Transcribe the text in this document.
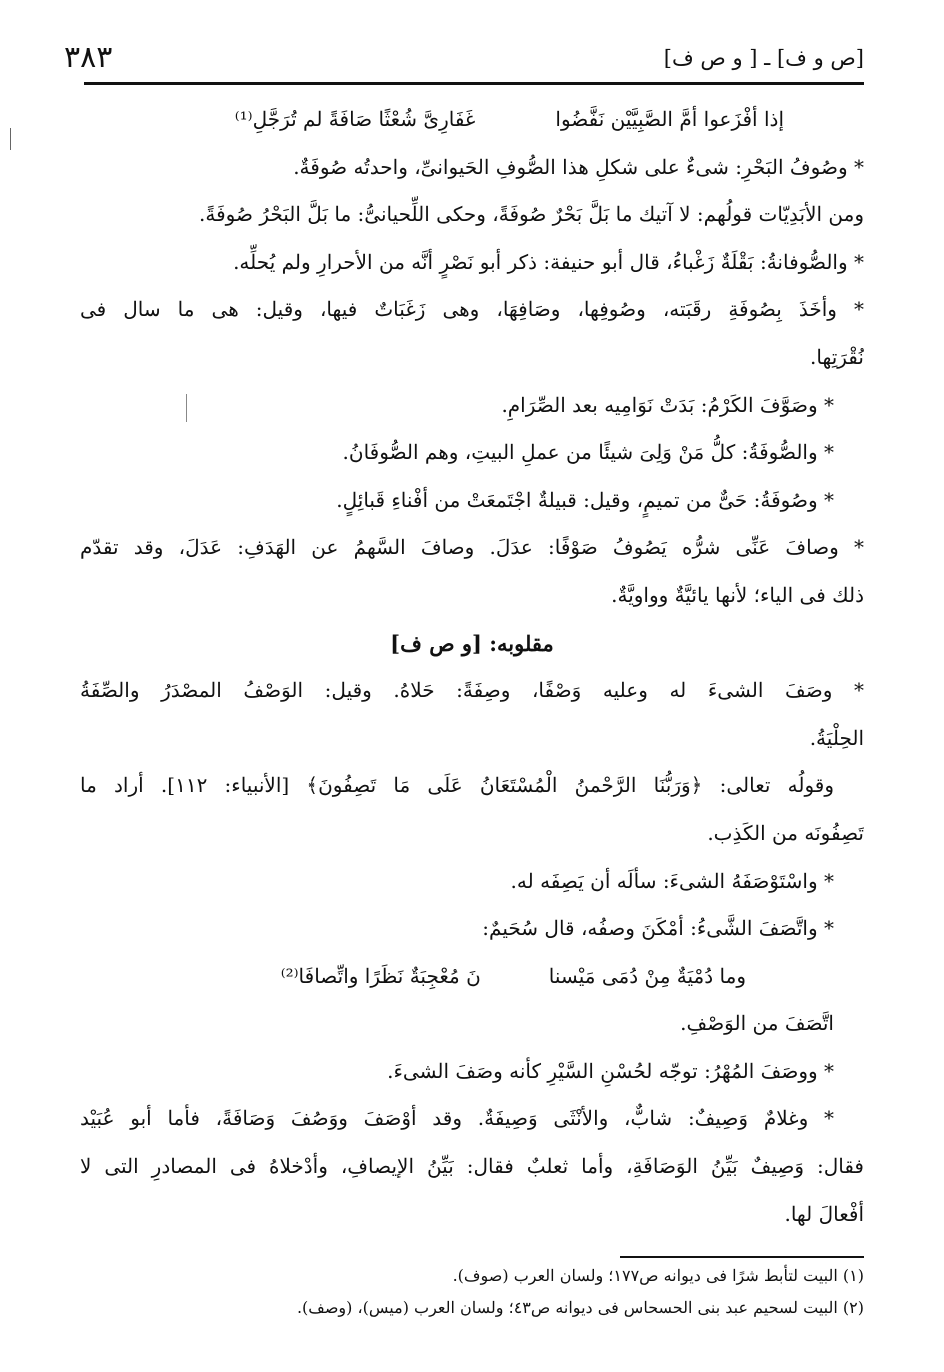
٣٨٣	[ص و ف] ـ [ و ص ف]
إذا أفْزَعوا أمَّ الصَّبِيَّيْن نَفَّضُوا
غَفَارِىَّ شُعْثًا صَافَةً لم تُرَجَّلِ⁽¹⁾
* وصُوفُ البَحْرِ: شىءٌ على شكلِ هذا الصُّوفِ الحَيوانىِّ، واحدتُه صُوفَةٌ.
ومن الأبَدِيّات قولُهم: لا آتيك ما بَلَّ بَحْرٌ صُوفَةً، وحكى اللِّحيانىُّ: ما بَلَّ البَحْرُ صُوفَةً.
* والصُّوفانةُ: بَقْلَةٌ زَغْباءُ، قال أبو حنيفة: ذكر أبو نَصْرٍ أنَّه من الأحرارِ ولم يُحلِّه.
* وأخَذَ بِصُوفَةِ رقَبَته، وصُوفِها، وصَافِهَا، وهى زَغَبَاتٌ فيها، وقيل: هى ما سال فى
نُقْرَتِها.
* وصَوَّفَ الكَرْمُ: بَدَتْ نَوَامِيه بعد الصِّرَامِ.
* والصُّوفَةُ: كلُّ مَنْ وَلِىَ شيئًا من عملِ البيتِ، وهم الصُّوفَانُ.
* وصُوفَةُ: حَىٌّ من تميمٍ، وقيل: قبيلةٌ اجْتَمعَتْ من أفْناءِ قَبائِلٍ.
* وصافَ عَنِّى شرُّه يَصُوفُ صَوْفًا: عدَلَ. وصافَ السَّهمُ عن الهَدَفِ: عَدَلَ، وقد تقدّم
ذلك فى الياء؛ لأنها يائيَّةٌ وواويَّةٌ.
مقلوبه: [و ص ف]
* وصَفَ الشىءَ له وعليه وَصْفًا، وصِفَةً: حَلاهُ. وقيل: الوَصْفُ المصْدَرُ والصِّفَةُ
الحِلْيَةُ.
وقولُه تعالى: ﴿وَرَبُّنَا الرَّحْمنُ الْمُسْتَعَانُ عَلَى مَا تَصِفُونَ﴾ [الأنبياء: ١١٢]. أراد ما
تَصِفُونَه من الكَذِب.
* واسْتَوْصَفَهُ الشىءَ: سألَه أن يَصِفَه له.
* واتَّصَفَ الشَّىءُ: أمْكَنَ وصفُه، قال سُحَيمٌ:
وما دُمْيَةٌ مِنْ دُمَى مَيْسنا
نَ مُعْجِبَةٌ نَظَرًا واتِّصافَا⁽²⁾
اتَّصَفَ من الوَصْفِ.
* ووصَفَ المُهْرُ: توجّه لحُسْنِ السَّيْرِ كأنه وصَفَ الشىءَ.
* وغلامٌ وَصِيفٌ: شابٌّ، والأنْثَى وَصِيفَةٌ. وقد أوْصَفَ ووَصُفَ وَصَافَةً، فأما أبو عُبَيْد
فقال: وَصِيفٌ بَيِّنُ الوَصَافَةِ، وأما ثعلبٌ فقال: بَيِّنُ الإيصافِ، وأدْخلاهُ فى المصادرِ التى لا
أفْعالَ لها.
(١) البيت لتأبط شرًا فى ديوانه ص١٧٧؛ ولسان العرب (صوف).
(٢) البيت لسحيم عبد بنى الحسحاس فى ديوانه ص٤٣؛ ولسان العرب (ميس)، (وصف).
